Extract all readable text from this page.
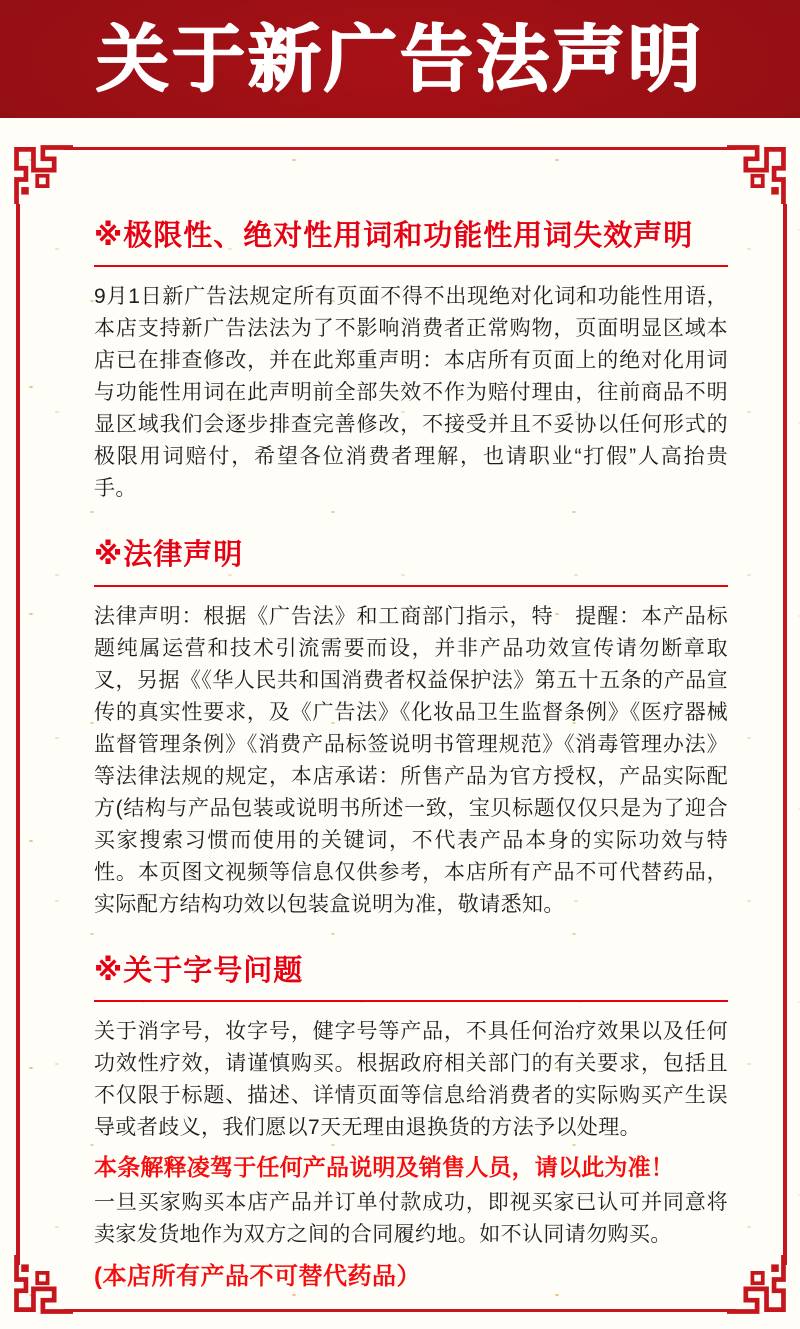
关于新广告法声明
※极限性、绝对性用词和功能性用词失效声明

9月1日新广告法规定所有页面不得不出现绝对化词和功能性用语，本店支持新广告法法为了不影响消费者正常购物，页面明显区域本店已在排查修改，并在此郑重声明：本店所有页面上的绝对化用词与功能性用词在此声明前全部失效不作为赔付理由，往前商品不明显区域我们会逐步排查完善修改，不接受并且不妥协以任何形式的极限用词赔付，希望各位消费者理解，也请职业“打假”人高抬贵手。

※法律声明

法律声明：根据《广告法》和工商部门指示，特　提醒：本产品标题纯属运营和技术引流需要而设，并非产品功效宣传请勿断章取叉，另据《《华人民共和国消费者权益保护法》第五十五条的产品宣传的真实性要求，及《广告法》《化妆品卫生监督条例》《医疗器械监督管理条例》《消费产品标签说明书管理规范》《消毒管理办法》等法律法规的规定，本店承诺：所售产品为官方授权，产品实际配方(结构与产品包装或说明书所述一致，宝贝标题仅仅只是为了迎合买家搜索习惯而使用的关键词，不代表产品本身的实际功效与特性。本页图文视频等信息仅供参考，本店所有产品不可代替药品，实际配方结构功效以包装盒说明为准，敬请悉知。

※关于字号问题

关于消字号，妆字号，健字号等产品，不具任何治疗效果以及任何功效性疗效，请谨慎购买。根据政府相关部门的有关要求，包括且不仅限于标题、描述、详情页面等信息给消费者的实际购买产生误导或者歧义，我们愿以7天无理由退换货的方法予以处理。

本条解释凌驾于任何产品说明及销售人员，请以此为准！

一旦买家购买本店产品并订单付款成功，即视买家已认可并同意将卖家发货地作为双方之间的合同履约地。如不认同请勿购买。

(本店所有产品不可替代药品）
